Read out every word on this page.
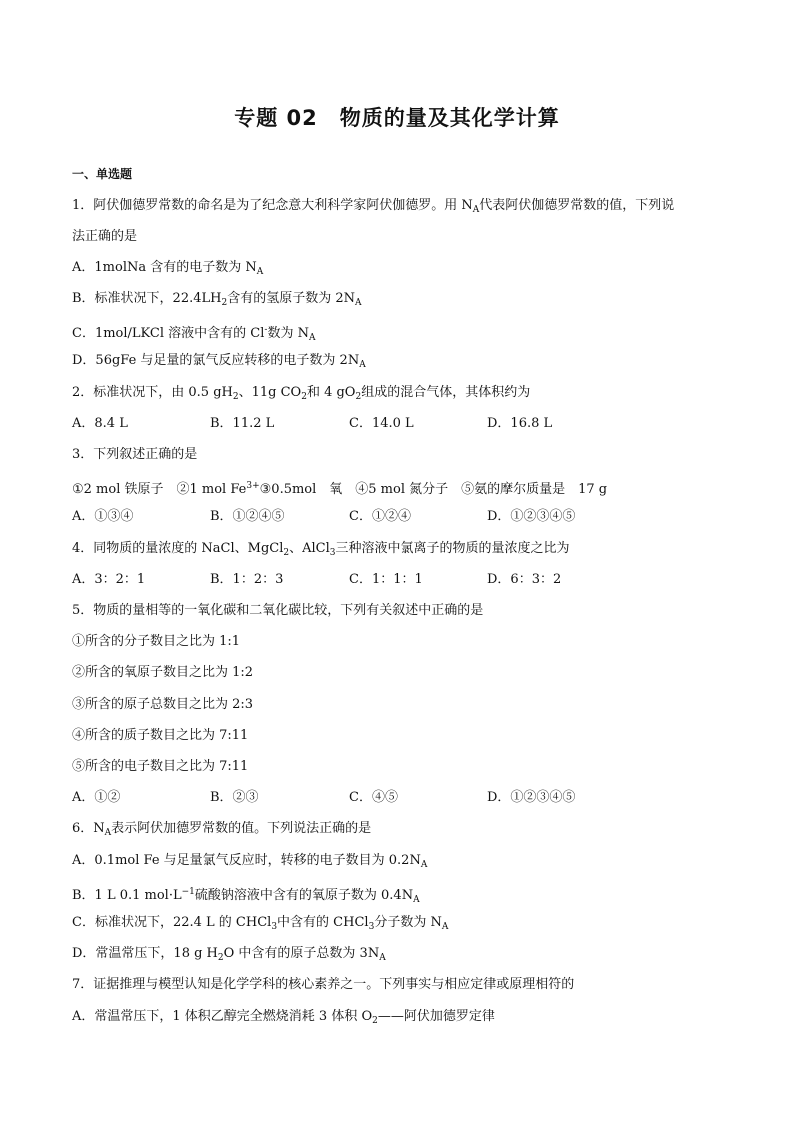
专题 02　物质的量及其化学计算
一、单选题
1．阿伏伽德罗常数的命名是为了纪念意大利科学家阿伏伽德罗。用 $N_A$代表阿伏伽德罗常数的值，下列说
法正确的是
A．1molNa 含有的电子数为 $N_A$
B．标准状况下，$22.4LH_2$含有的氢原子数为 $2N_A$
C．1mol/LKCl 溶液中含有的 Cl-数为 $N_A$
D．56gFe 与足量的氯气反应转移的电子数为 $2N_A$
2．标准状况下，由 0.5 $gH_2$、11g $CO_2$和 4 $gO_2$组成的混合气体，其体积约为
A．8.4 L	B．11.2 L	C．14.0 L	D．16.8 L
3．下列叙述正确的是
①2 mol 铁原子　②1 mol $Fe^{3+}③0.5mol$　氧　④5 mol 氮分子　⑤氨的摩尔质量是　17 g
A．①③④	B．①②④⑤	C．①②④	D．①②③④⑤
4．同物质的量浓度的 NaCl、MgCl$_2$、AlCl$_3$三种溶液中氯离子的物质的量浓度之比为
A．3：2：1	B．1：2：3	C．1：1：1	D．6：3：2
5．物质的量相等的一氧化碳和二氧化碳比较，下列有关叙述中正确的是
①所含的分子数目之比为 1:1
②所含的氧原子数目之比为 1:2
③所含的原子总数目之比为 2:3
④所含的质子数目之比为 7:11
⑤所含的电子数目之比为 7:11
A．①②	B．②③	C．④⑤	D．①②③④⑤
6．$N_A$表示阿伏加德罗常数的值。下列说法正确的是
A．0.1mol Fe 与足量氯气反应时，转移的电子数目为 $0.2N_A$
B．1 L 0.1 $mol\cdot L^{-1}$硫酸钠溶液中含有的氧原子数为 $0.4N_A$
C．标准状况下，22.4 L 的 CHCl$_3$中含有的 CHCl$_3$分子数为 $N_A$
D．常温常压下，18 g $H_2O$ 中含有的原子总数为 $3N_A$
7．证据推理与模型认知是化学学科的核心素养之一。下列事实与相应定律或原理相符的
A．常温常压下，1 体积乙醇完全燃烧消耗 3 体积 $O_2——$阿伏加德罗定律
